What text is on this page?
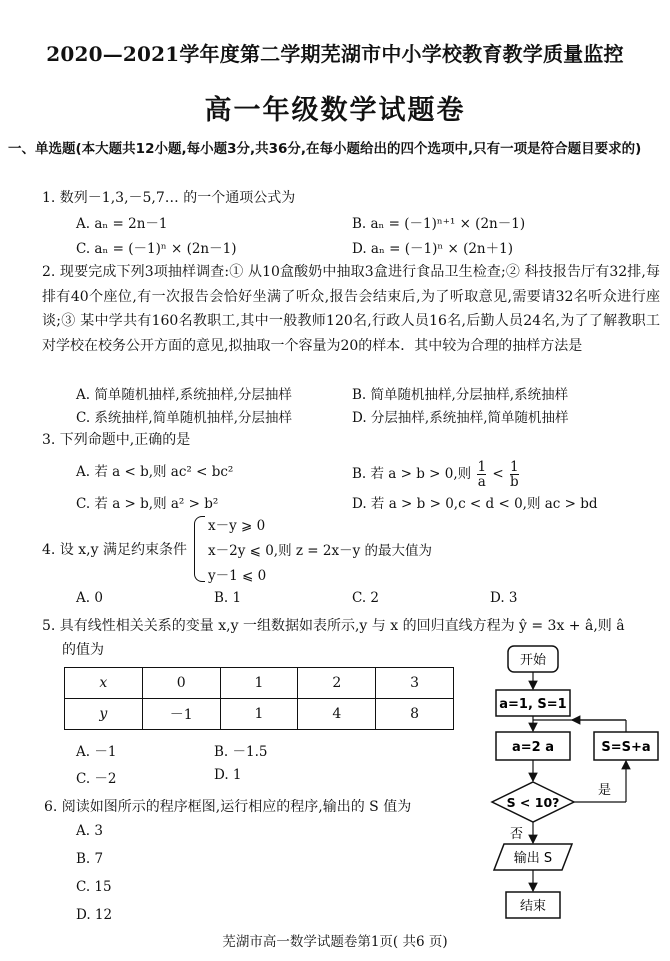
2020—2021学年度第二学期芜湖市中小学校教育教学质量监控
高一年级数学试题卷
一、单选题(本大题共12小题,每小题3分,共36分,在每小题给出的四个选项中,只有一项是符合题目要求的)
1. 数列－1,3,－5,7… 的一个通项公式为
A. aₙ = 2n－1	B. aₙ = (－1)ⁿ⁺¹ × (2n－1)
C. aₙ = (－1)ⁿ × (2n－1)	D. aₙ = (－1)ⁿ × (2n＋1)
2. 现要完成下列3项抽样调查:① 从10盒酸奶中抽取3盒进行食品卫生检查;② 科技报告厅有32排,每排有40个座位,有一次报告会恰好坐满了听众,报告会结束后,为了听取意见,需要请32名听众进行座谈;③ 某中学共有160名教职工,其中一般教师120名,行政人员16名,后勤人员24名,为了了解教职工对学校在校务公开方面的意见,拟抽取一个容量为20的样本．其中较为合理的抽样方法是
A. 简单随机抽样,系统抽样,分层抽样	B. 简单随机抽样,分层抽样,系统抽样
C. 系统抽样,简单随机抽样,分层抽样	D. 分层抽样,系统抽样,简单随机抽样
3. 下列命题中,正确的是
A. 若 a < b,则 ac² < bc²	B. 若 a > b > 0,则 $\frac{1}{a} < \frac{1}{b}$
C. 若 a > b,则 a² > b²	D. 若 a > b > 0,c < d < 0,则 ac > bd
4. 设 x,y 满足约束条件
x－y ⩾ 0
x－2y ⩽ 0,则 z = 2x－y 的最大值为
y－1 ⩽ 0
A. 0	B. 1	C. 2	D. 3
5. 具有线性相关关系的变量 x,y 一组数据如表所示,y 与 x 的回归直线方程为 ŷ = 3x + â,则 â
的值为
x	0	1	2	3
y	－1	1	4	8
A. －1	B. －1.5
C. －2	D. 1
6. 阅读如图所示的程序框图,运行相应的程序,输出的 S 值为
A. 3
B. 7
C. 15
D. 12
开始
a=1, S=1
a=2 a	S=S+a
S < 10?
是
否
输出 S
结束
芜湖市高一数学试题卷第1页( 共6 页)
